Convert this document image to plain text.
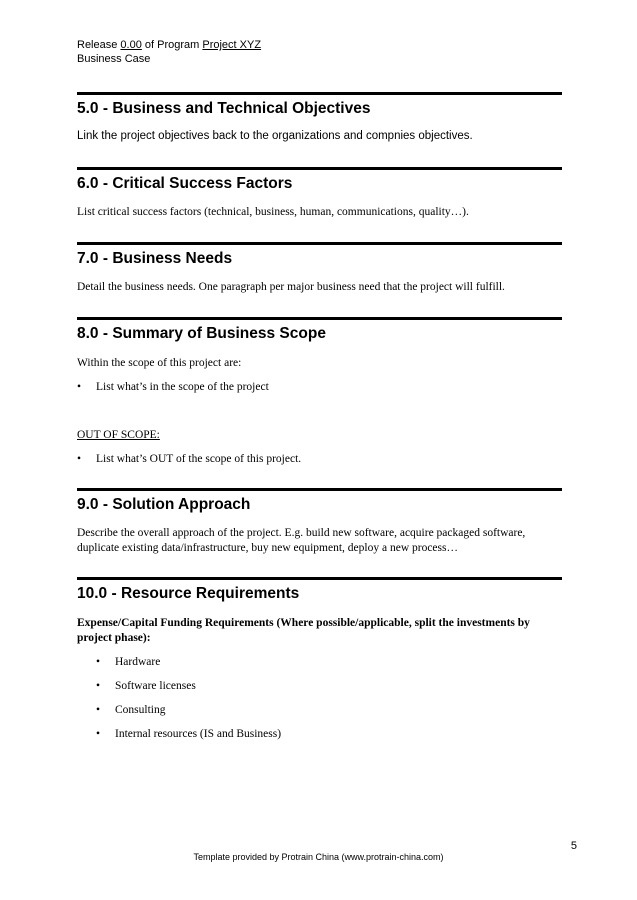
Release 0.00 of Program Project XYZ
Business Case
5.0 - Business and Technical Objectives
Link the project objectives back to the organizations and compnies objectives.
6.0 - Critical Success Factors
List critical success factors (technical, business, human, communications, quality…).
7.0 - Business Needs
Detail the business needs. One paragraph per major business need that the project will fulfill.
8.0 - Summary of Business Scope
Within the scope of this project are:
• List what’s in the scope of the project
OUT OF SCOPE:
• List what’s OUT of the scope of this project.
9.0 - Solution Approach
Describe the overall approach of the project. E.g. build new software, acquire packaged software, duplicate existing data/infrastructure, buy new equipment, deploy a new process…
10.0 - Resource Requirements
Expense/Capital Funding Requirements (Where possible/applicable, split the investments by project phase):
• Hardware
• Software licenses
• Consulting
• Internal resources (IS and Business)
5
Template provided by Protrain China (www.protrain-china.com)
